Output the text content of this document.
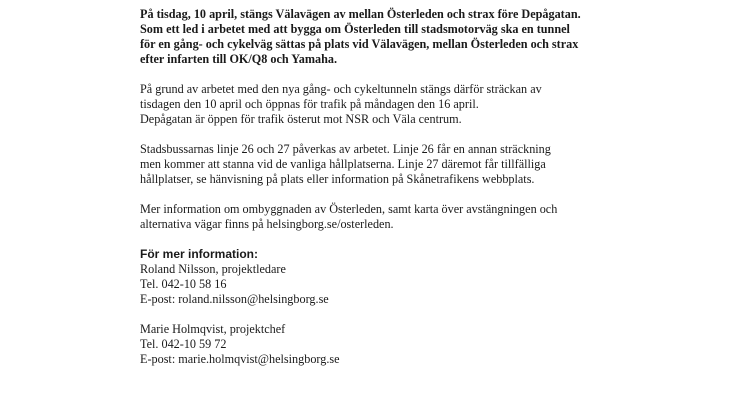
På tisdag, 10 april, stängs Välavägen av mellan Österleden och strax före Depågatan.
Som ett led i arbetet med att bygga om Österleden till stadsmotorväg ska en tunnel
för en gång- och cykelväg sättas på plats vid Välavägen, mellan Österleden och strax
efter infarten till OK/Q8 och Yamaha.

På grund av arbetet med den nya gång- och cykeltunneln stängs därför sträckan av
tisdagen den 10 april och öppnas för trafik på måndagen den 16 april.
Depågatan är öppen för trafik österut mot NSR och Väla centrum.

Stadsbussarnas linje 26 och 27 påverkas av arbetet. Linje 26 får en annan sträckning
men kommer att stanna vid de vanliga hållplatserna. Linje 27 däremot får tillfälliga
hållplatser, se hänvisning på plats eller information på Skånetrafikens webbplats.

Mer information om ombyggnaden av Österleden, samt karta över avstängningen och
alternativa vägar finns på helsingborg.se/osterleden.

För mer information:
Roland Nilsson, projektledare
Tel. 042-10 58 16
E-post: roland.nilsson@helsingborg.se
Marie Holmqvist, projektchef
Tel. 042-10 59 72
E-post: marie.holmqvist@helsingborg.se
